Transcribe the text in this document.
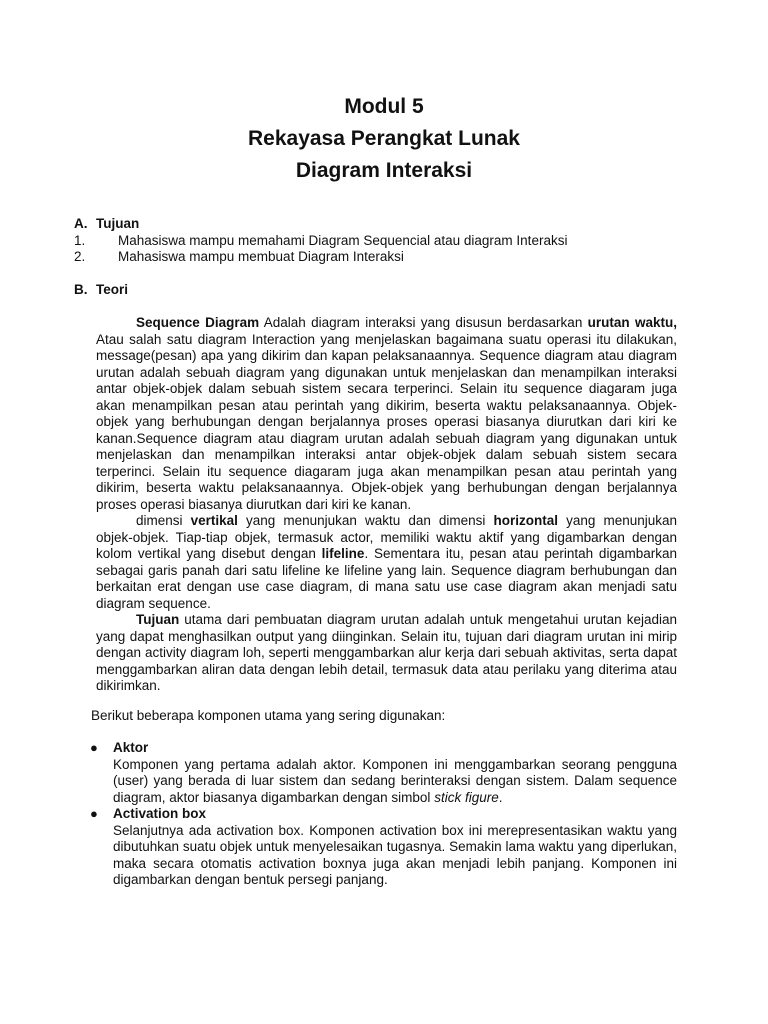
Modul 5
Rekayasa Perangkat Lunak
Diagram Interaksi
A. Tujuan
1. Mahasiswa mampu memahami Diagram Sequencial atau diagram Interaksi
2. Mahasiswa mampu membuat Diagram Interaksi
B. Teori

Sequence Diagram Adalah diagram interaksi yang disusun berdasarkan urutan waktu, Atau salah satu diagram Interaction yang menjelaskan bagaimana suatu operasi itu dilakukan, message(pesan) apa yang dikirim dan kapan pelaksanaannya. Sequence diagram atau diagram urutan adalah sebuah diagram yang digunakan untuk menjelaskan dan menampilkan interaksi antar objek-objek dalam sebuah sistem secara terperinci. Selain itu sequence diagaram juga akan menampilkan pesan atau perintah yang dikirim, beserta waktu pelaksanaannya. Objek-objek yang berhubungan dengan berjalannya proses operasi biasanya diurutkan dari kiri ke kanan.Sequence diagram atau diagram urutan adalah sebuah diagram yang digunakan untuk menjelaskan dan menampilkan interaksi antar objek-objek dalam sebuah sistem secara terperinci. Selain itu sequence diagaram juga akan menampilkan pesan atau perintah yang dikirim, beserta waktu pelaksanaannya. Objek-objek yang berhubungan dengan berjalannya proses operasi biasanya diurutkan dari kiri ke kanan.

dimensi vertikal yang menunjukan waktu dan dimensi horizontal yang menunjukan objek-objek. Tiap-tiap objek, termasuk actor, memiliki waktu aktif yang digambarkan dengan kolom vertikal yang disebut dengan lifeline. Sementara itu, pesan atau perintah digambarkan sebagai garis panah dari satu lifeline ke lifeline yang lain. Sequence diagram berhubungan dan berkaitan erat dengan use case diagram, di mana satu use case diagram akan menjadi satu diagram sequence.

Tujuan utama dari pembuatan diagram urutan adalah untuk mengetahui urutan kejadian yang dapat menghasilkan output yang diinginkan. Selain itu, tujuan dari diagram urutan ini mirip dengan activity diagram loh, seperti menggambarkan alur kerja dari sebuah aktivitas, serta dapat menggambarkan aliran data dengan lebih detail, termasuk data atau perilaku yang diterima atau dikirimkan.

Berikut beberapa komponen utama yang sering digunakan:
● Aktor
Komponen yang pertama adalah aktor. Komponen ini menggambarkan seorang pengguna (user) yang berada di luar sistem dan sedang berinteraksi dengan sistem. Dalam sequence diagram, aktor biasanya digambarkan dengan simbol stick figure.
● Activation box
Selanjutnya ada activation box. Komponen activation box ini merepresentasikan waktu yang dibutuhkan suatu objek untuk menyelesaikan tugasnya. Semakin lama waktu yang diperlukan, maka secara otomatis activation boxnya juga akan menjadi lebih panjang. Komponen ini digambarkan dengan bentuk persegi panjang.
